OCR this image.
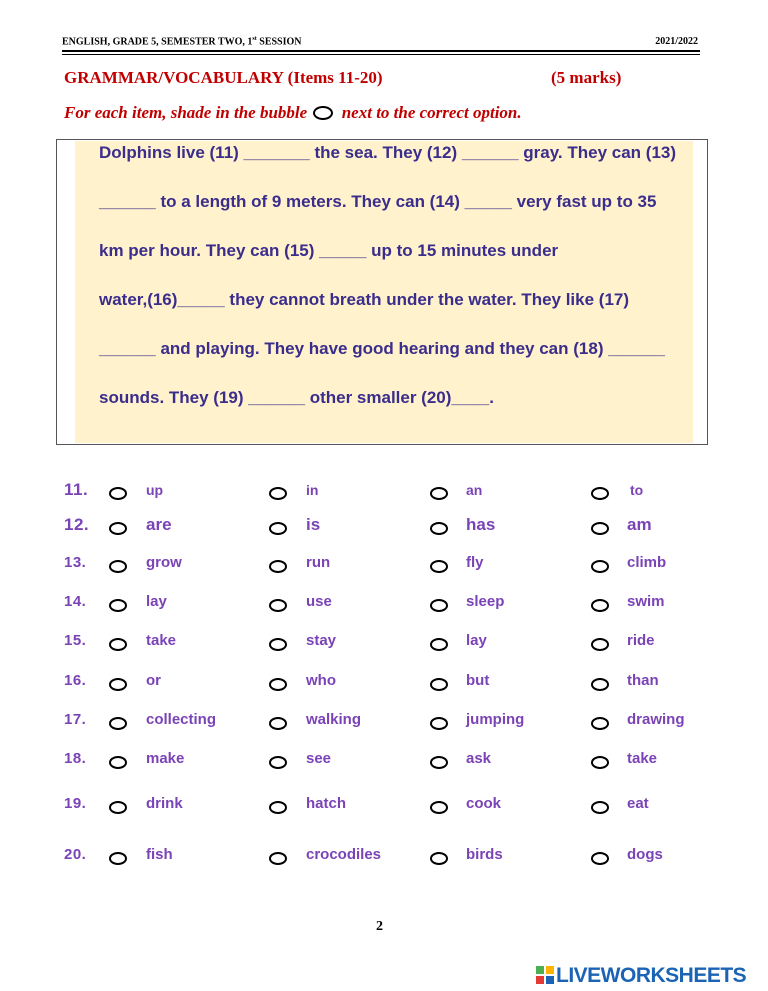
ENGLISH, GRADE 5, SEMESTER TWO, 1st SESSION	2021/2022
GRAMMAR/VOCABULARY (Items 11-20)	(5 marks)
For each item, shade in the bubble next to the correct option.
Dolphins live (11) _______ the sea. They (12) ______ gray. They can (13)
______ to a length of 9 meters. They can (14) _____ very fast up to 35
km per hour. They can (15) _____ up to 15 minutes under
water,(16)_____ they cannot breath under the water. They like (17)
______ and playing. They have good hearing and they can (18) ______
sounds. They (19) ______ other smaller (20)____.
11.	up	in	an	to
12.	are	is	has	am
13.	grow	run	fly	climb
14.	lay	use	sleep	swim
15.	take	stay	lay	ride
16.	or	who	but	than
17.	collecting	walking	jumping	drawing
18.	make	see	ask	take
19.	drink	hatch	cook	eat
20.	fish	crocodiles	birds	dogs
2
LIVEWORKSHEETS
